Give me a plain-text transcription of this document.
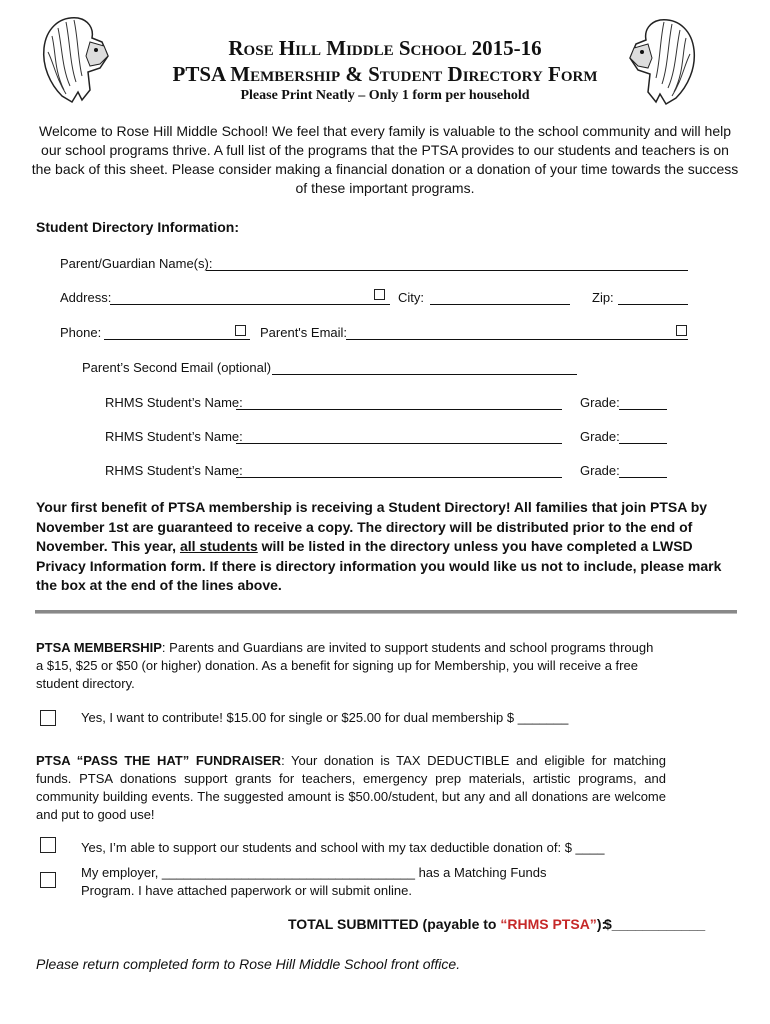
Rose Hill Middle School 2015-16
PTSA Membership & Student Directory Form
Please Print Neatly – Only 1 form per household
Welcome to Rose Hill Middle School! We feel that every family is valuable to the school community and will help our school programs thrive. A full list of the programs that the PTSA provides to our students and teachers is on the back of this sheet. Please consider making a financial donation or a donation of your time towards the success of these important programs.
Student Directory Information:
Parent/Guardian Name(s):
Address:	City:	Zip:
Phone:	Parent's Email:
Parent’s Second Email (optional)
RHMS Student’s Name:	Grade:
RHMS Student’s Name:	Grade:
RHMS Student’s Name:	Grade:
Your first benefit of PTSA membership is receiving a Student Directory! All families that join PTSA by November 1st are guaranteed to receive a copy. The directory will be distributed prior to the end of November. This year, all students will be listed in the directory unless you have completed a LWSD Privacy Information form. If there is directory information you would like us not to include, please mark the box at the end of the lines above.
PTSA MEMBERSHIP: Parents and Guardians are invited to support students and school programs through a $15, $25 or $50 (or higher) donation. As a benefit for signing up for Membership, you will receive a free student directory.
Yes, I want to contribute! $15.00 for single or $25.00 for dual membership $ _______
PTSA “PASS THE HAT” FUNDRAISER: Your donation is TAX DEDUCTIBLE and eligible for matching funds. PTSA donations support grants for teachers, emergency prep materials, artistic programs, and community building events. The suggested amount is $50.00/student, but any and all donations are welcome and put to good use!
Yes, I’m able to support our students and school with my tax deductible donation of: $ ____
My employer, ___________________________________ has a Matching Funds
Program. I have attached paperwork or will submit online.
TOTAL SUBMITTED (payable to “RHMS PTSA”):
$____________
Please return completed form to Rose Hill Middle School front office.
